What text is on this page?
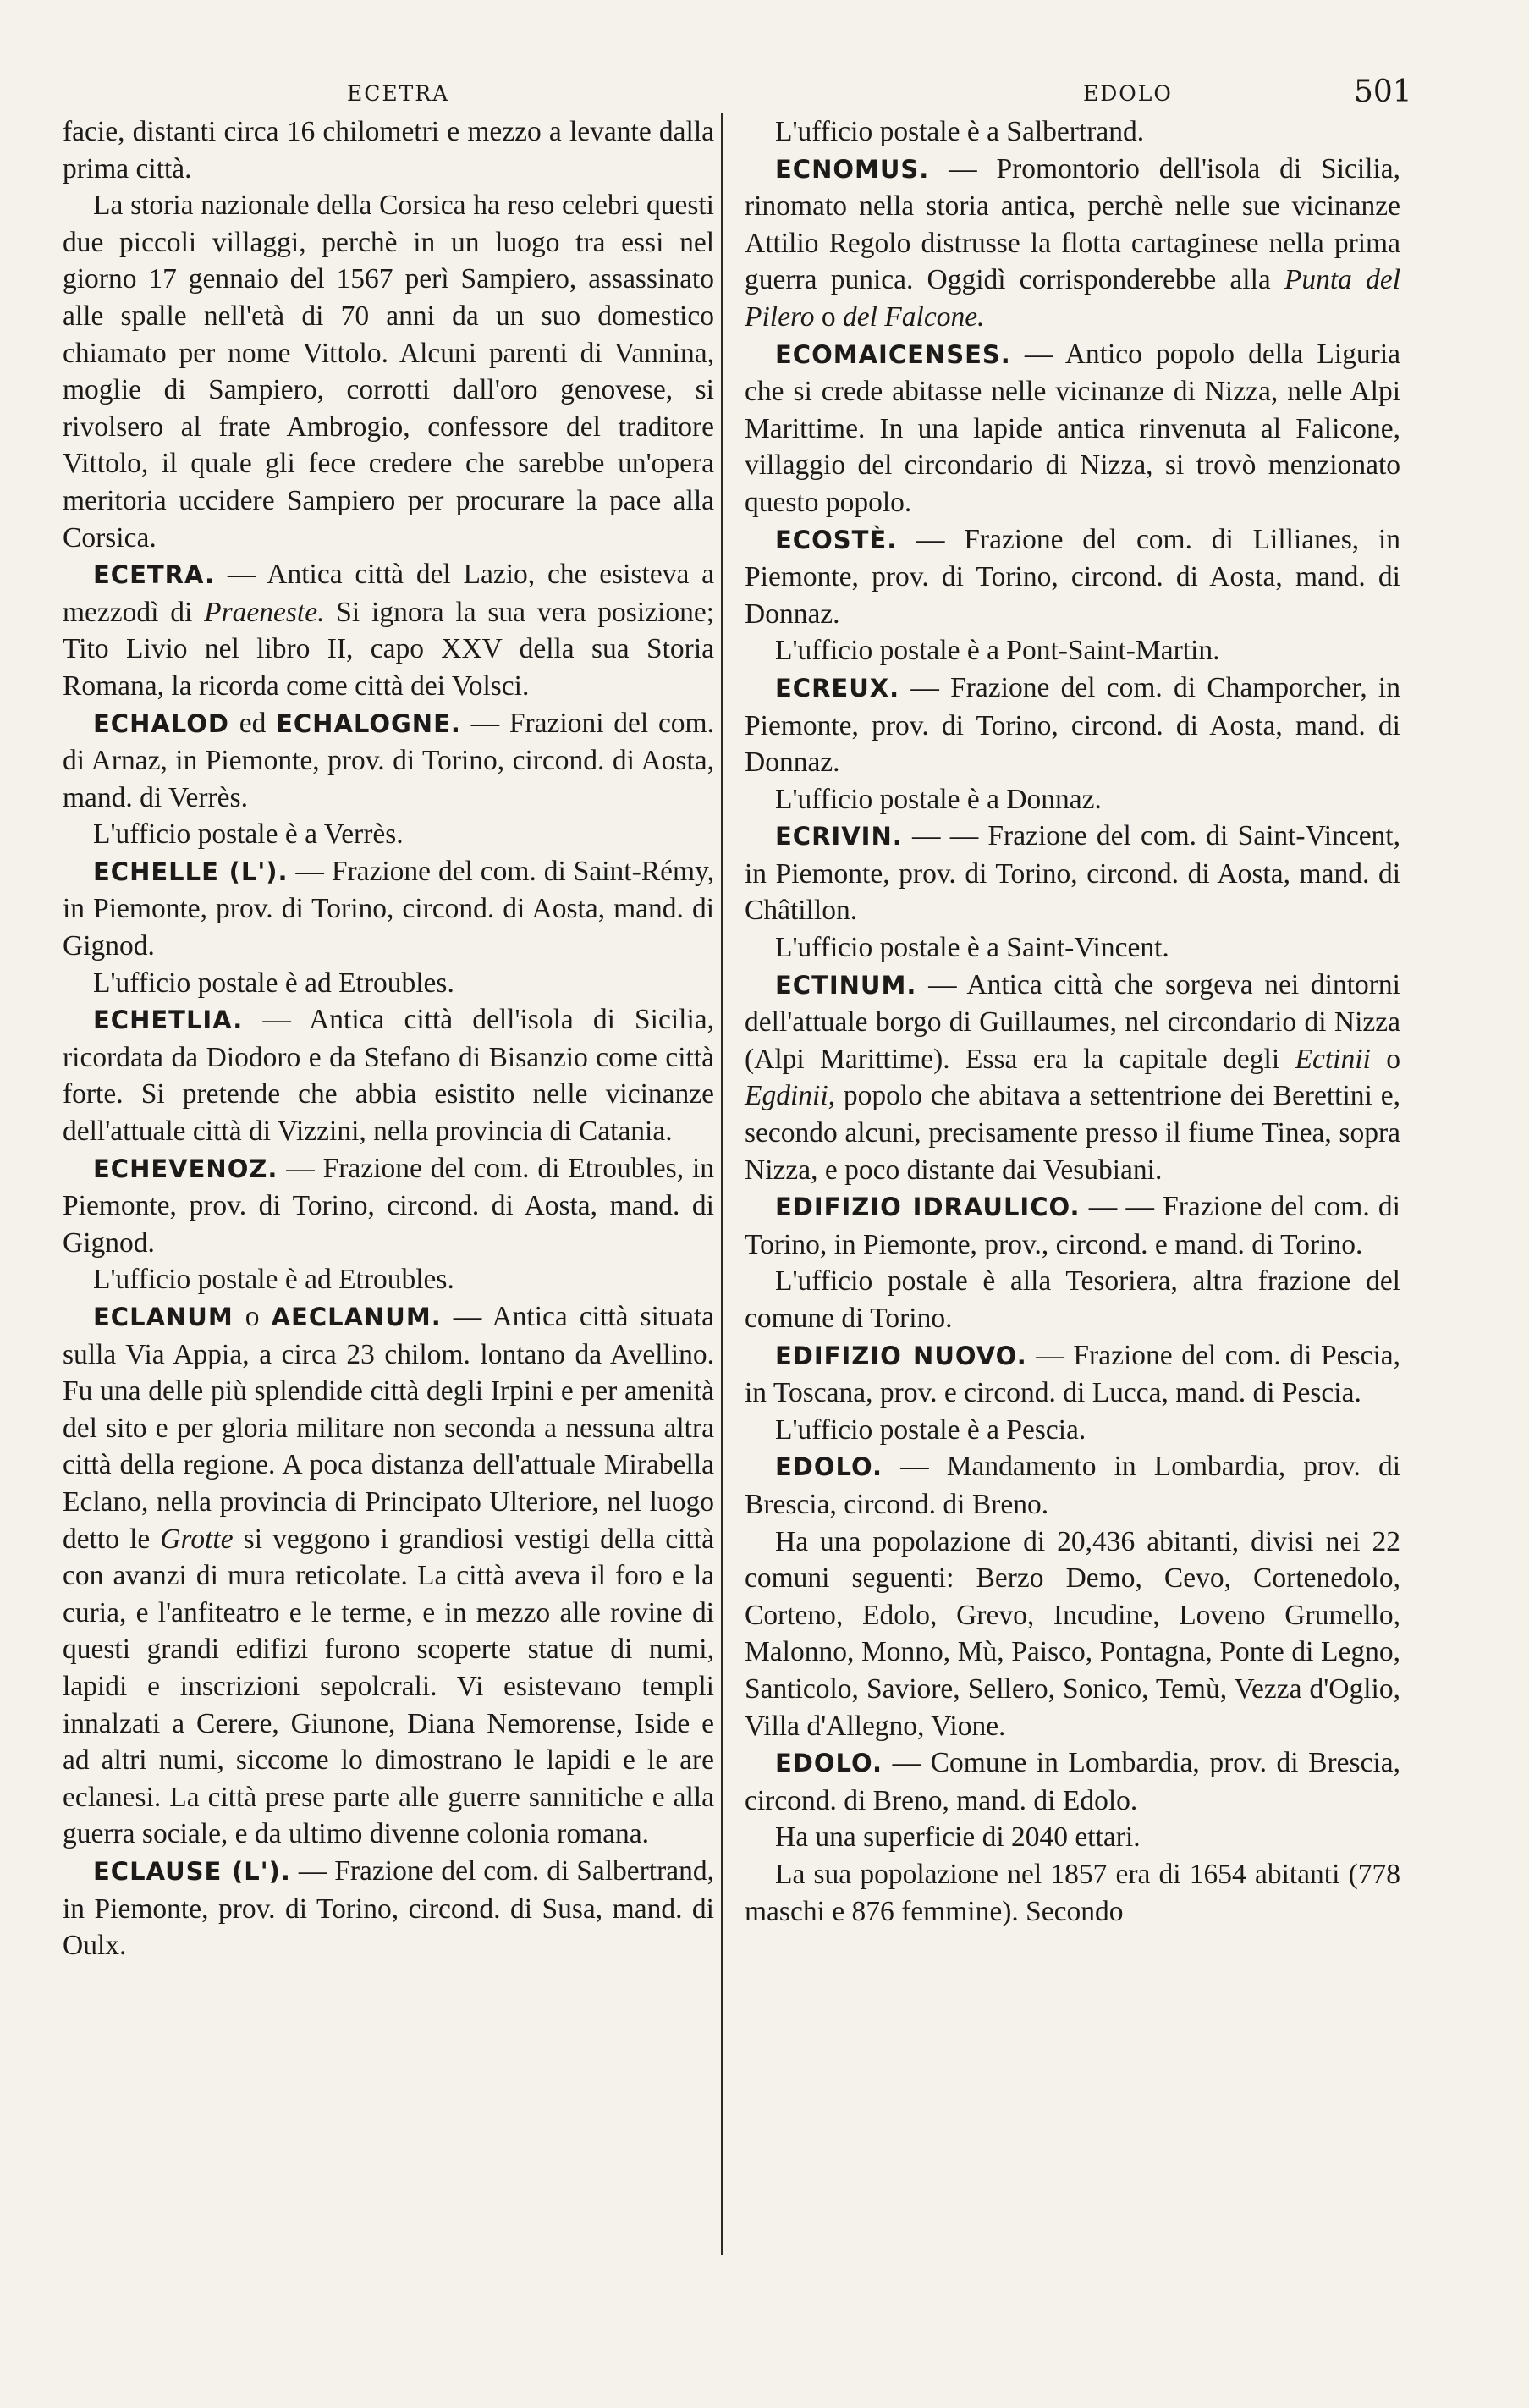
ECETRA	EDOLO	501

facie, distanti circa 16 chilometri e mezzo a levante dalla prima città.

La storia nazionale della Corsica ha reso celebri questi due piccoli villaggi, perchè in un luogo tra essi nel giorno 17 gennaio del 1567 perì Sampiero, assassinato alle spalle nell'età di 70 anni da un suo domestico chiamato per nome Vittolo. Alcuni parenti di Vannina, moglie di Sampiero, corrotti dall'oro genovese, si rivolsero al frate Ambrogio, confessore del traditore Vittolo, il quale gli fece credere che sarebbe un'opera meritoria uccidere Sampiero per procurare la pace alla Corsica.

ECETRA. — Antica città del Lazio, che esisteva a mezzodì di Praeneste. Si ignora la sua vera posizione; Tito Livio nel libro II, capo XXV della sua Storia Romana, la ricorda come città dei Volsci.

ECHALOD ed ECHALOGNE. — Frazioni del com. di Arnaz, in Piemonte, prov. di Torino, circond. di Aosta, mand. di Verrès.

L'ufficio postale è a Verrès.

ECHELLE (L'). — Frazione del com. di Saint-Rémy, in Piemonte, prov. di Torino, circond. di Aosta, mand. di Gignod.

L'ufficio postale è ad Etroubles.

ECHETLIA. — Antica città dell'isola di Sicilia, ricordata da Diodoro e da Stefano di Bisanzio come città forte. Si pretende che abbia esistito nelle vicinanze dell'attuale città di Vizzini, nella provincia di Catania.

ECHEVENOZ. — Frazione del com. di Etroubles, in Piemonte, prov. di Torino, circond. di Aosta, mand. di Gignod.

L'ufficio postale è ad Etroubles.

ECLANUM o AECLANUM. — Antica città situata sulla Via Appia, a circa 23 chilom. lontano da Avellino. Fu una delle più splendide città degli Irpini e per amenità del sito e per gloria militare non seconda a nessuna altra città della regione. A poca distanza dell'attuale Mirabella Eclano, nella provincia di Principato Ulteriore, nel luogo detto le Grotte si veggono i grandiosi vestigi della città con avanzi di mura reticolate. La città aveva il foro e la curia, e l'anfiteatro e le terme, e in mezzo alle rovine di questi grandi edifizi furono scoperte statue di numi, lapidi e inscrizioni sepolcrali. Vi esistevano templi innalzati a Cerere, Giunone, Diana Nemorense, Iside e ad altri numi, siccome lo dimostrano le lapidi e le are eclanesi. La città prese parte alle guerre sannitiche e alla guerra sociale, e da ultimo divenne colonia romana.

ECLAUSE (L'). — Frazione del com. di Salbertrand, in Piemonte, prov. di Torino, circond. di Susa, mand. di Oulx.

L'ufficio postale è a Salbertrand.

ECNOMUS. — Promontorio dell'isola di Sicilia, rinomato nella storia antica, perchè nelle sue vicinanze Attilio Regolo distrusse la flotta cartaginese nella prima guerra punica. Oggidì corrisponderebbe alla Punta del Pilero o del Falcone.

ECOMAICENSES. — Antico popolo della Liguria che si crede abitasse nelle vicinanze di Nizza, nelle Alpi Marittime. In una lapide antica rinvenuta al Falicone, villaggio del circondario di Nizza, si trovò menzionato questo popolo.

ECOSTÈ. — Frazione del com. di Lillianes, in Piemonte, prov. di Torino, circond. di Aosta, mand. di Donnaz.

L'ufficio postale è a Pont-Saint-Martin.

ECREUX. — Frazione del com. di Champorcher, in Piemonte, prov. di Torino, circond. di Aosta, mand. di Donnaz.

L'ufficio postale è a Donnaz.

ECRIVIN. — — Frazione del com. di Saint-Vincent, in Piemonte, prov. di Torino, circond. di Aosta, mand. di Châtillon.

L'ufficio postale è a Saint-Vincent.

ECTINUM. — Antica città che sorgeva nei dintorni dell'attuale borgo di Guillaumes, nel circondario di Nizza (Alpi Marittime). Essa era la capitale degli Ectinii o Egdinii, popolo che abitava a settentrione dei Berettini e, secondo alcuni, precisamente presso il fiume Tinea, sopra Nizza, e poco distante dai Vesubiani.

EDIFIZIO IDRAULICO. — — Frazione del com. di Torino, in Piemonte, prov., circond. e mand. di Torino.

L'ufficio postale è alla Tesoriera, altra frazione del comune di Torino.

EDIFIZIO NUOVO. — Frazione del com. di Pescia, in Toscana, prov. e circond. di Lucca, mand. di Pescia.

L'ufficio postale è a Pescia.

EDOLO. — Mandamento in Lombardia, prov. di Brescia, circond. di Breno.

Ha una popolazione di 20,436 abitanti, divisi nei 22 comuni seguenti: Berzo Demo, Cevo, Cortenedolo, Corteno, Edolo, Grevo, Incudine, Loveno Grumello, Malonno, Monno, Mù, Paisco, Pontagna, Ponte di Legno, Santicolo, Saviore, Sellero, Sonico, Temù, Vezza d'Oglio, Villa d'Allegno, Vione.

EDOLO. — Comune in Lombardia, prov. di Brescia, circond. di Breno, mand. di Edolo.

Ha una superficie di 2040 ettari.

La sua popolazione nel 1857 era di 1654 abitanti (778 maschi e 876 femmine). Secondo
